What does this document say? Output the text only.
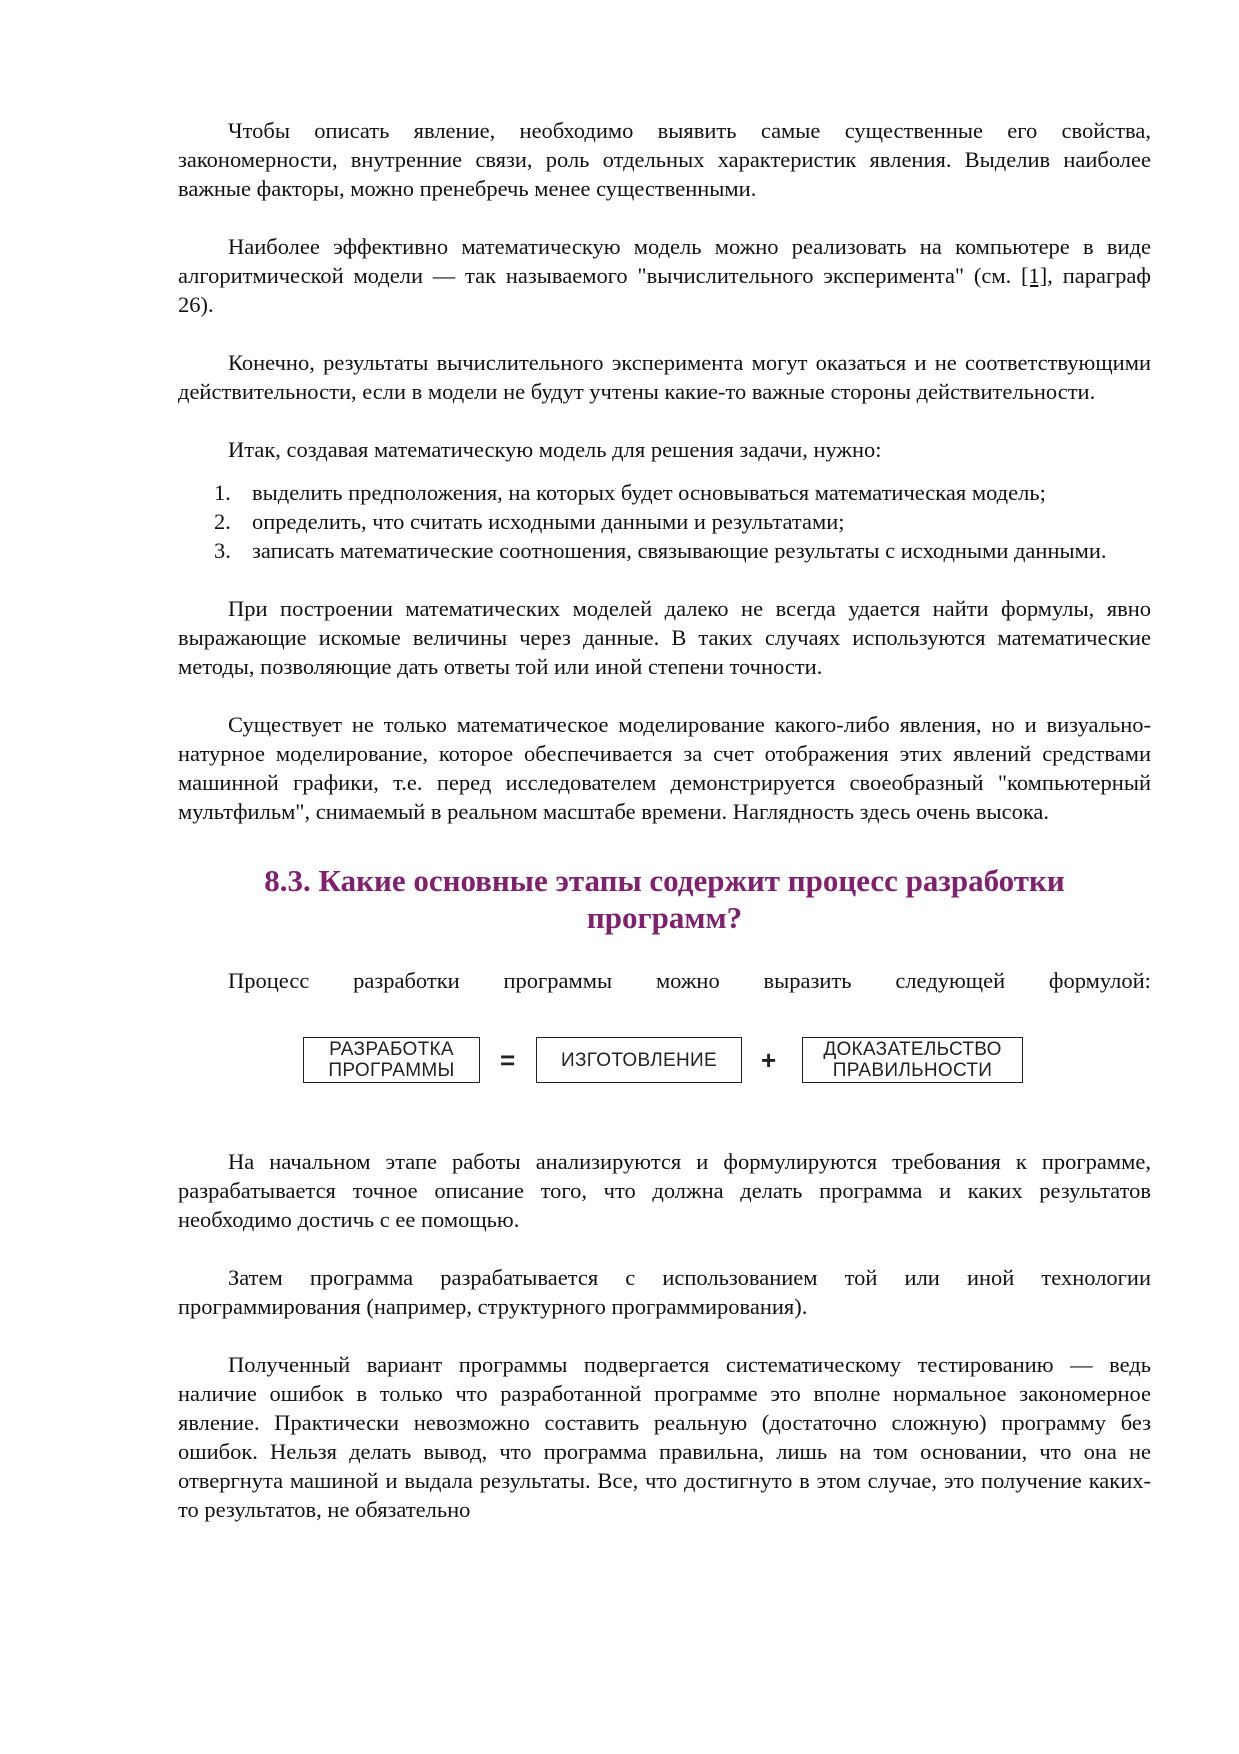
Чтобы описать явление, необходимо выявить самые существенные его свойства, закономерности, внутренние связи, роль отдельных характеристик явления. Выделив наиболее важные факторы, можно пренебречь менее существенными.

Наиболее эффективно математическую модель можно реализовать на компьютере в виде алгоритмической модели — так называемого "вычислительного эксперимента" (см. [1], параграф 26).

Конечно, результаты вычислительного эксперимента могут оказаться и не соответствующими действительности, если в модели не будут учтены какие-то важные стороны действительности.

Итак, создавая математическую модель для решения задачи, нужно:

1. выделить предположения, на которых будет основываться математическая модель;
2. определить, что считать исходными данными и результатами;
3. записать математические соотношения, связывающие результаты с исходными данными.

При построении математических моделей далеко не всегда удается найти формулы, явно выражающие искомые величины через данные. В таких случаях используются математические методы, позволяющие дать ответы той или иной степени точности.

Существует не только математическое моделирование какого-либо явления, но и визуально-натурное моделирование, которое обеспечивается за счет отображения этих явлений средствами машинной графики, т.е. перед исследователем демонстрируется своеобразный "компьютерный мультфильм", снимаемый в реальном масштабе времени. Наглядность здесь очень высока.

8.3. Какие основные этапы содержит процесс разработки программ?

Процесс разработки программы можно выразить следующей формулой:

РАЗРАБОТКА
ПРОГРАММЫ	=	ИЗГОТОВЛЕНИЕ	+	ДОКАЗАТЕЛЬСТВО
ПРАВИЛЬНОСТИ

На начальном этапе работы анализируются и формулируются требования к программе, разрабатывается точное описание того, что должна делать программа и каких результатов необходимо достичь с ее помощью.

Затем программа разрабатывается с использованием той или иной технологии программирования (например, структурного программирования).

Полученный вариант программы подвергается систематическому тестированию — ведь наличие ошибок в только что разработанной программе это вполне нормальное закономерное явление. Практически невозможно составить реальную (достаточно сложную) программу без ошибок. Нельзя делать вывод, что программа правильна, лишь на том основании, что она не отвергнута машиной и выдала результаты. Все, что достигнуто в этом случае, это получение каких-то результатов, не обязательно
